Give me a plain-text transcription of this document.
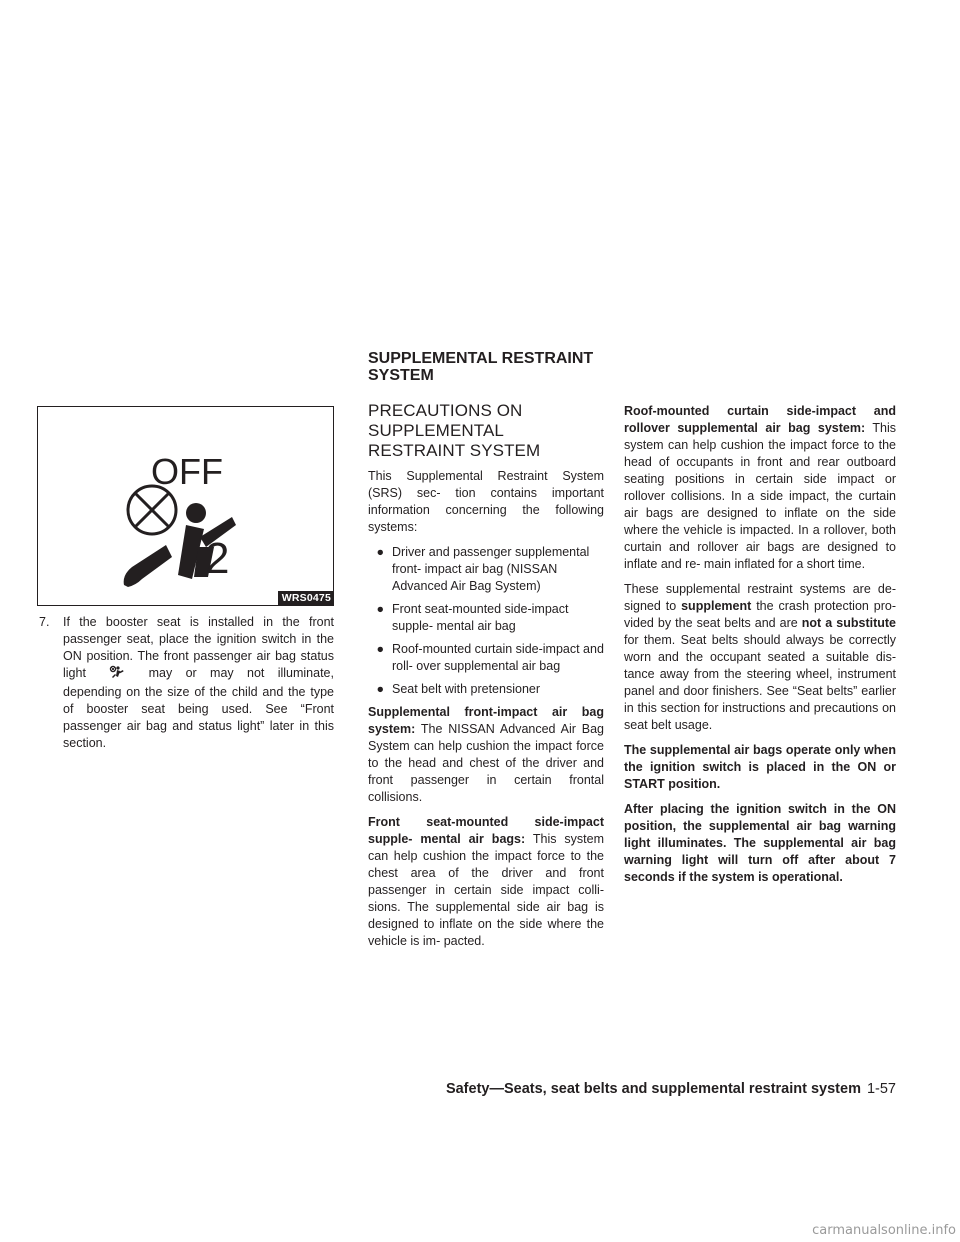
SUPPLEMENTAL RESTRAINT
SYSTEM
OFF
2
WRS0475
7.	If the booster seat is installed in the front passenger seat, place the ignition switch in the ON position. The front passenger air bag status light	may or may not illuminate, depending on the size of the child and the type of booster seat being used. See “Front passenger air bag and status light” later in this section.
PRECAUTIONS ON SUPPLEMENTAL RESTRAINT SYSTEM

This Supplemental Restraint System (SRS) sec- tion contains important information concerning the following systems:

● Driver and passenger supplemental front- impact air bag (NISSAN Advanced Air Bag System)
● Front seat-mounted side-impact supple- mental air bag
● Roof-mounted curtain side-impact and roll- over supplemental air bag
● Seat belt with pretensioner

Supplemental front-impact air bag system: The NISSAN Advanced Air Bag System can help cushion the impact force to the head and chest of the driver and front passenger in certain frontal collisions.

Front seat-mounted side-impact supple- mental air bags: This system can help cushion the impact force to the chest area of the driver and front passenger in certain side impact colli- sions. The supplemental side air bag is designed to inflate on the side where the vehicle is im- pacted.

Roof-mounted curtain side-impact and rollover supplemental air bag system: This system can help cushion the impact force to the head of occupants in front and rear outboard seating positions in certain side impact or rollover collisions. In a side impact, the curtain air bags are designed to inflate on the side where the vehicle is impacted. In a rollover, both curtain and rollover air bags are designed to inflate and re- main inflated for a short time.

These supplemental restraint systems are de- signed to supplement the crash protection pro- vided by the seat belts and are not a substitute for them. Seat belts should always be correctly worn and the occupant seated a suitable dis- tance away from the steering wheel, instrument panel and door finishers. See “Seat belts” earlier in this section for instructions and precautions on seat belt usage.

The supplemental air bags operate only when the ignition switch is placed in the ON or START position.

After placing the ignition switch in the ON position, the supplemental air bag warning light illuminates. The supplemental air bag warning light will turn off after about 7 seconds if the system is operational.

Safety—Seats, seat belts and supplemental restraint system 1-57
carmanualsonline.info
